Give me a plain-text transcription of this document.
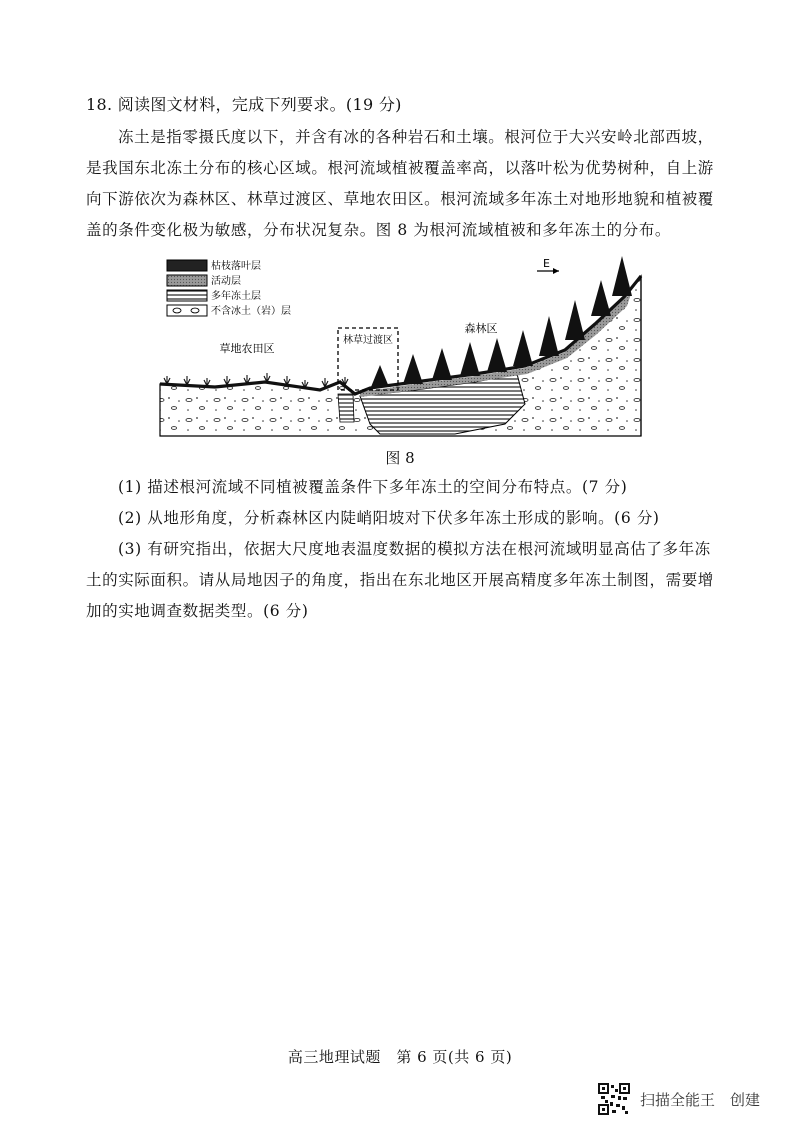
18. 阅读图文材料，完成下列要求。(19 分)

冻土是指零摄氏度以下，并含有冰的各种岩石和土壤。根河位于大兴安岭北部西坡，是我国东北冻土分布的核心区域。根河流域植被覆盖率高，以落叶松为优势树种，自上游向下游依次为森林区、林草过渡区、草地农田区。根河流域多年冻土对地形地貌和植被覆盖的条件变化极为敏感，分布状况复杂。图 8 为根河流域植被和多年冻土的分布。

枯枝落叶层
活动层
多年冻土层
不含冰土（岩）层
林草过渡区
草地农田区
森林区
E
图 8

(1) 描述根河流域不同植被覆盖条件下多年冻土的空间分布特点。(7 分)

(2) 从地形角度，分析森林区内陡峭阳坡对下伏多年冻土形成的影响。(6 分)

(3) 有研究指出，依据大尺度地表温度数据的模拟方法在根河流域明显高估了多年冻土的实际面积。请从局地因子的角度，指出在东北地区开展高精度多年冻土制图，需要增加的实地调查数据类型。(6 分)

高三地理试题　第 6 页(共 6 页)
扫描全能王　创建
